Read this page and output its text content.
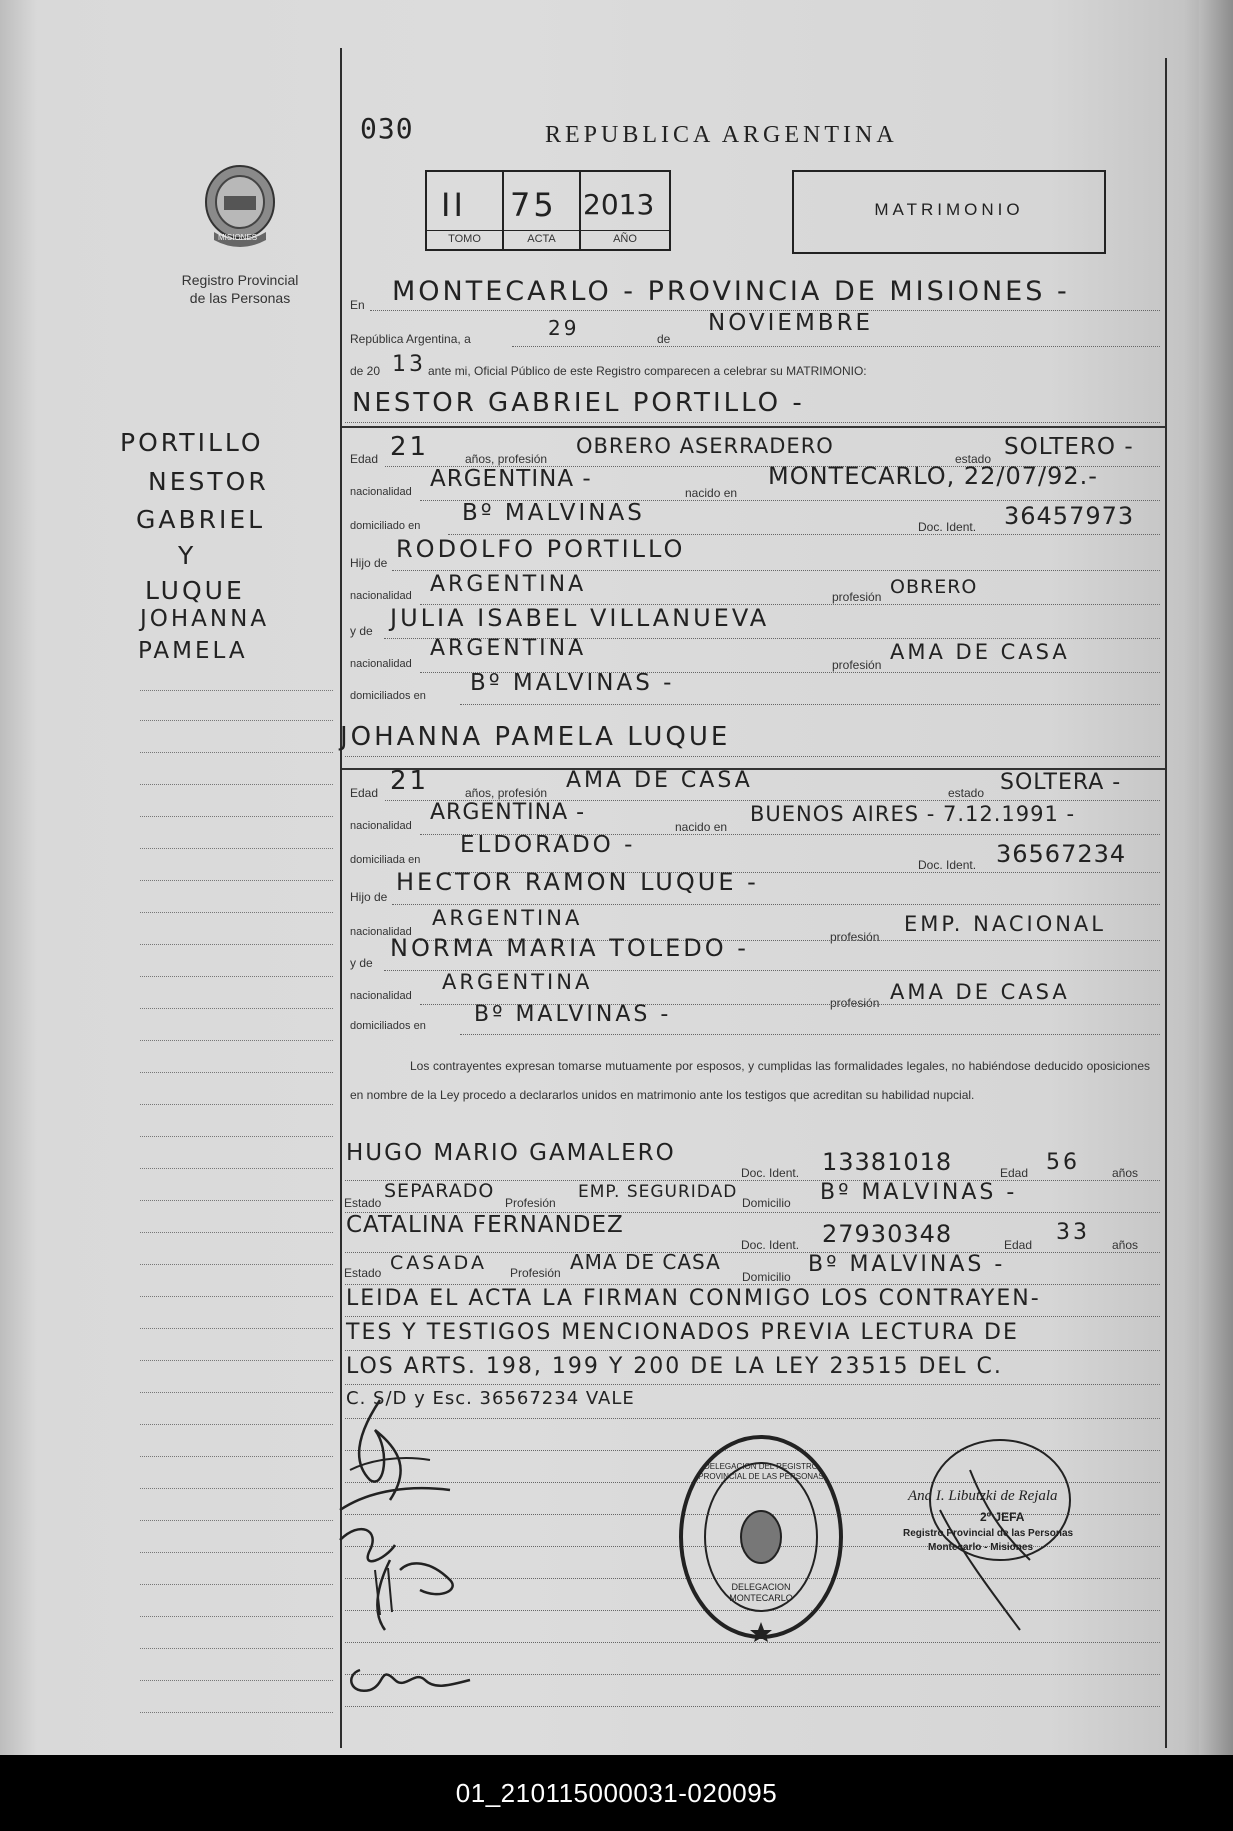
030	REPUBLICA ARGENTINA
II
TOMO
75
ACTA
2013
AÑO
MATRIMONIO
MISIONES
Registro Provincial
de las Personas
PORTILLO
NESTOR
GABRIEL
Y
LUQUE
JOHANNA
PAMELA
En MONTECARLO - PROVINCIA DE MISIONES -
República Argentina, a	29	de
NOVIEMBRE
de 20 13 ante mi, Oficial Público de este Registro comparecen a celebrar su MATRIMONIO:
NESTOR GABRIEL PORTILLO -
Edad 21	años, profesión
OBRERO ASERRADERO
estado SOLTERO -
nacionalidad ARGENTINA -
nacido en
MONTECARLO, 22/07/92.-
domiciliado en Bº MALVINAS
Doc. Ident. 36457973
Hijo de RODOLFO PORTILLO
nacionalidad ARGENTINA	profesión OBRERO
y de JULIA ISABEL VILLANUEVA
nacionalidad
ARGENTINA
profesión
AMA DE CASA
domiciliados en Bº MALVINAS -
JOHANNA PAMELA LUQUE
Edad 21	años, profesión AMA DE CASA	estado SOLTERA -
nacionalidad
ARGENTINA -
nacido en
BUENOS AIRES - 7.12.1991 -
domiciliada en
ELDORADO -
Doc. Ident. 36567234
Hijo de
HECTOR RAMON LUQUE -
nacionalidad
ARGENTINA
profesión
EMP. NACIONAL
y de
NORMA MARIA TOLEDO -
nacionalidad
ARGENTINA
profesión AMA DE CASA
domiciliados en Bº MALVINAS -
Los contrayentes expresan tomarse mutuamente por esposos, y cumplidas las formalidades legales, no habiéndose deducido oposiciones en nombre de la Ley procedo a declararlos unidos en matrimonio ante los testigos que acreditan su habilidad nupcial.
HUGO MARIO GAMALERO
Doc. Ident. 13381018	Edad 56	años
Estado
SEPARADO
Profesión
EMP. SEGURIDAD
Domicilio Bº MALVINAS -
CATALINA FERNANDEZ
Doc. Ident. 27930348	Edad 33 años
Estado CASADA Profesión AMA DE CASA
Domicilio Bº MALVINAS -
LEIDA EL ACTA LA FIRMAN CONMIGO LOS CONTRAYEN-
TES Y TESTIGOS MENCIONADOS PREVIA LECTURA DE
LOS ARTS. 198, 199 Y 200 DE LA LEY 23515 DEL C.
C. S/D y Esc. 36567234 VALE
DELEGACION DEL REGISTRO PROVINCIAL DE LAS PERSONAS
DELEGACION MONTECARLO
Ana I. Libutzki de Rejala
2º JEFA
Registro Provincial de las Personas
Montecarlo - Misiones
01_210115000031-020095
